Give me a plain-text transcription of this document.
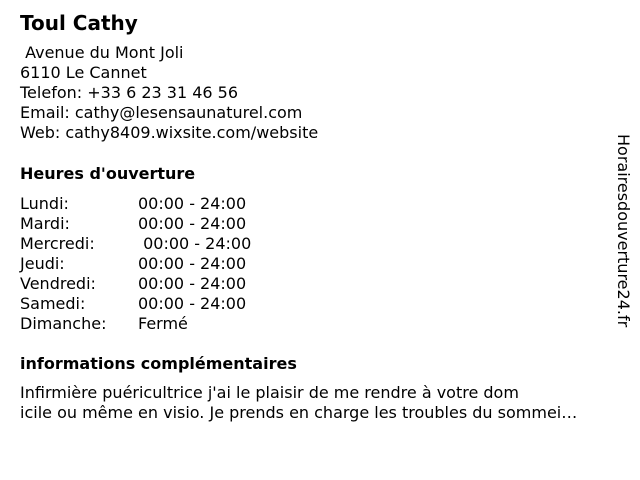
Toul Cathy
Avenue du Mont Joli
6110 Le Cannet
Telefon: +33 6 23 31 46 56
Email: cathy@lesensaunaturel.com
Web: cathy8409.wixsite.com/website
Heures d'ouverture
Lundi:	00:00 - 24:00
Mardi:	00:00 - 24:00
Mercredi:	00:00 - 24:00
Jeudi:	00:00 - 24:00
Vendredi:	00:00 - 24:00
Samedi:	00:00 - 24:00
Dimanche: Fermé
informations complémentaires
Infirmière puéricultrice j'ai le plaisir de me rendre à votre dom
icile ou même en visio. Je prends en charge les troubles du sommei…
Horairesdouverture24.fr
